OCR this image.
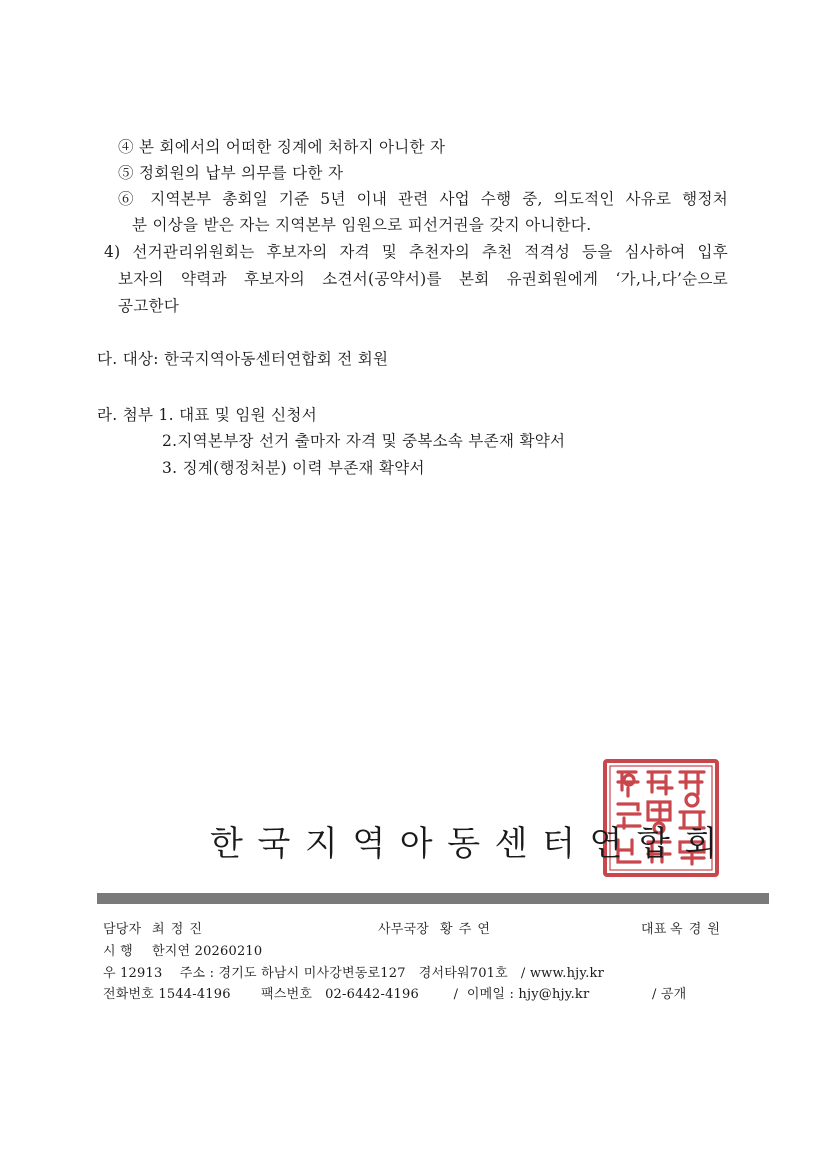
④ 본 회에서의 어떠한 징계에 처하지 아니한 자
⑤ 정회원의 납부 의무를 다한 자
⑥ 지역본부 총회일 기준 5년 이내 관련 사업 수행 중, 의도적인 사유로 행정처
분 이상을 받은 자는 지역본부 임원으로 피선거권을 갖지 아니한다.
4) 선거관리위원회는 후보자의 자격 및 추천자의 추천 적격성 등을 심사하여 입후
보자의 약력과 후보자의 소견서(공약서)를 본회 유권회원에게 ‘가,나,다’순으로
공고한다
다. 대상: 한국지역아동센터연합회 전 회원
라. 첨부 1. 대표 및 임원 신청서
2.지역본부장 선거 출마자 자격 및 중복소속 부존재 확약서
3. 징계(행정처분) 이력 부존재 확약서
한국지역아동센터연합회
담당자 최 정 진	사무국장 황 주 연	대표 옥 경 원
시 행 한지연 20260210
우 12913    주소 : 경기도 하남시 미사강변동로127   경서타워701호   / www.hjy.kr
전화번호 1544-4196       팩스번호   02-6442-4196        /  이메일 : hjy@hjy.kr	/ 공개
